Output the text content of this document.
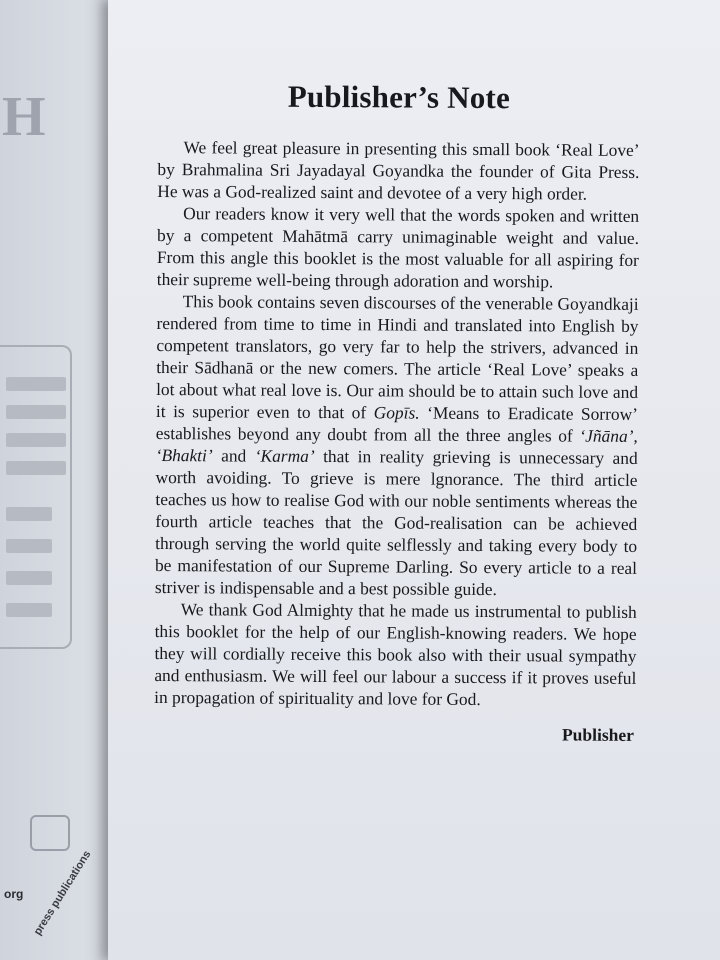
H
org press publications
Publisher’s Note

We feel great pleasure in presenting this small book ‘Real Love’ by Brahmalina Sri Jayadayal Goyandka the founder of Gita Press. He was a God-realized saint and devotee of a very high order.

Our readers know it very well that the words spoken and written by a competent Mahātmā carry unimaginable weight and value. From this angle this booklet is the most valuable for all aspiring for their supreme well-being through adoration and worship.

This book contains seven discourses of the venerable Goyandkaji rendered from time to time in Hindi and translated into English by competent translators, go very far to help the strivers, advanced in their Sādhanā or the new comers. The article ‘Real Love’ speaks a lot about what real love is. Our aim should be to attain such love and it is superior even to that of Gopīs. ‘Means to Eradicate Sorrow’ establishes beyond any doubt from all the three angles of ‘Jñāna’, ‘Bhakti’ and ‘Karma’ that in reality grieving is unnecessary and worth avoiding. To grieve is mere lgnorance. The third article teaches us how to realise God with our noble sentiments whereas the fourth article teaches that the God-realisation can be achieved through serving the world quite selflessly and taking every body to be manifestation of our Supreme Darling. So every article to a real striver is indispensable and a best possible guide.

We thank God Almighty that he made us instrumental to publish this booklet for the help of our English-knowing readers. We hope they will cordially receive this book also with their usual sympathy and enthusiasm. We will feel our labour a success if it proves useful in propagation of spirituality and love for God.

Publisher
